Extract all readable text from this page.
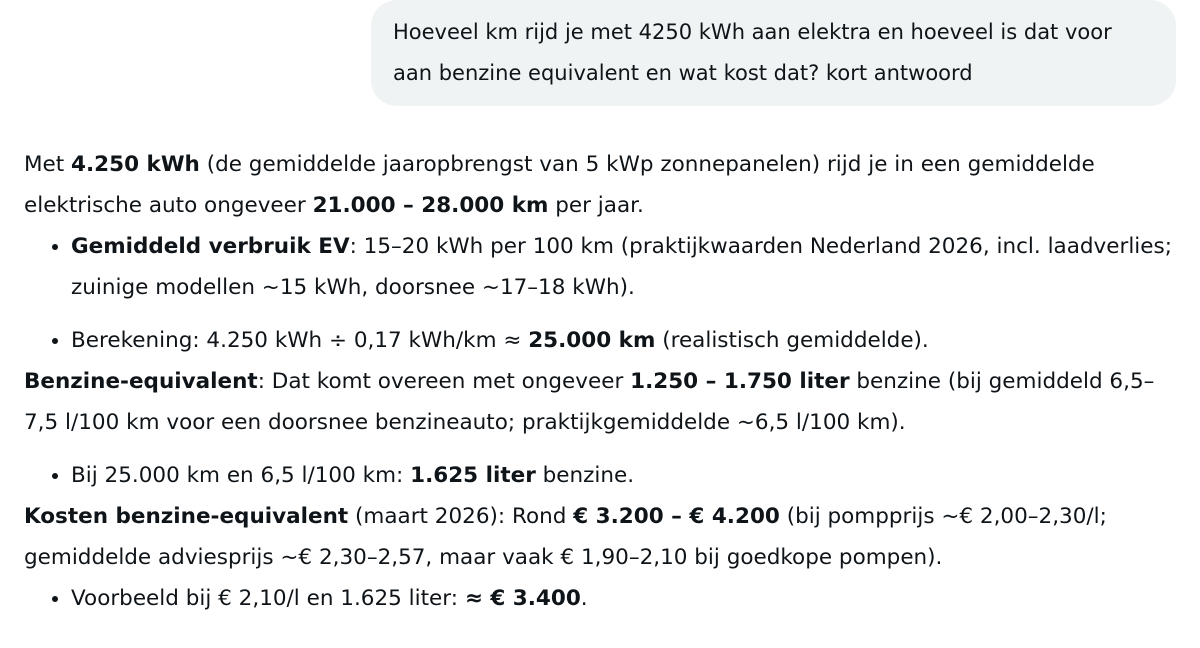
Hoeveel km rijd je met 4250 kWh aan elektra en hoeveel is dat voor aan benzine equivalent en wat kost dat? kort antwoord

Met 4.250 kWh (de gemiddelde jaaropbrengst van 5 kWp zonnepanelen) rijd je in een gemiddelde elektrische auto ongeveer 21.000 – 28.000 km per jaar.

• Gemiddeld verbruik EV: 15–20 kWh per 100 km (praktijkwaarden Nederland 2026, incl. laadverlies; zuinige modellen ~15 kWh, doorsnee ~17–18 kWh).
• Berekening: 4.250 kWh ÷ 0,17 kWh/km ≈ 25.000 km (realistisch gemiddelde).

Benzine-equivalent: Dat komt overeen met ongeveer 1.250 – 1.750 liter benzine (bij gemiddeld 6,5–7,5 l/100 km voor een doorsnee benzineauto; praktijkgemiddelde ~6,5 l/100 km).

• Bij 25.000 km en 6,5 l/100 km: 1.625 liter benzine.

Kosten benzine-equivalent (maart 2026): Rond € 3.200 – € 4.200 (bij pompprijs ~€ 2,00–2,30/l; gemiddelde adviesprijs ~€ 2,30–2,57, maar vaak € 1,90–2,10 bij goedkope pompen).

• Voorbeeld bij € 2,10/l en 1.625 liter: ≈ € 3.400.
